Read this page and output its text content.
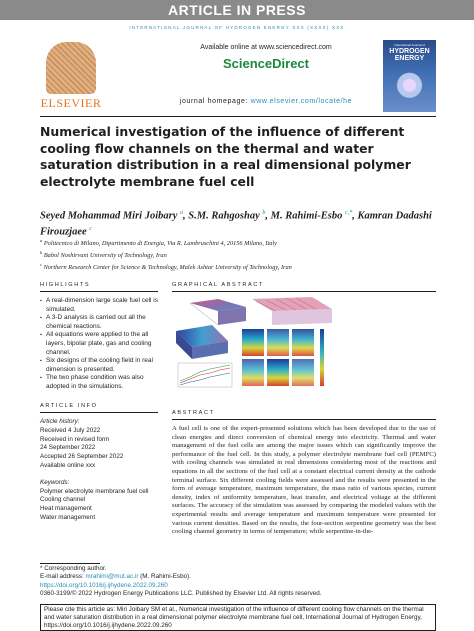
ARTICLE IN PRESS
INTERNATIONAL JOURNAL OF HYDROGEN ENERGY XXX (XXXX) XXX
ELSEVIER
Available online at www.sciencedirect.com
ScienceDirect
journal homepage: www.elsevier.com/locate/he
International Journal of
HYDROGEN ENERGY
Numerical investigation of the influence of different cooling flow channels on the thermal and water saturation distribution in a real dimensional polymer electrolyte membrane fuel cell
Seyed Mohammad Miri Joibary $^a$, S.M. Rahgoshay $^b$, M. Rahimi-Esbo $^{c,*}$, Kamran Dadashi Firouzjaee $^c$
$^a$ Politecnico di Milano, Dipartimento di Energia, Via R. Lambruschini 4, 20156 Milano, Italy
$^b$ Babol Noshirvani University of Technology, Iran
$^c$ Northern Research Center for Science & Technology, Malek Ashtar University of Technology, Iran
HIGHLIGHTS
▪ A real-dimension large scale fuel cell is simulated.
▪ A 3-D analysis is carried out all the chemical reactions.
▪ All equations were applied to the all layers, bipolar plate, gas and cooling channel.
▪ Six designs of the cooling field in real dimension is presented.
▪ The two phase condition was also adopted in the simulations.
GRAPHICAL ABSTRACT
ARTICLE INFO
Article history:
Received 4 July 2022
Received in revised form
24 September 2022
Accepted 26 September 2022
Available online xxx
Keywords:
Polymer electrolyte membrane fuel cell
Cooling channel
Heat management
Water management
ABSTRACT
A fuel cell is one of the expert-presented solutions which has been developed due to the use of clean energies and direct conversion of chemical energy into electricity. Thermal and water management of the fuel cells are among the major issues which can significantly improve the performance of the fuel cell. In this study, a polymer electrolyte membrane fuel cell (PEMFC) with cooling channels was simulated in real dimensions considering most of the reactions and equations in all the sections of the fuel cell at a constant electrical current density at the cathode terminal surface. Six different cooling fields were assessed and the results were presented in the form of average temperature, maximum temperature, the mass ratio of various species, current density, index of uniformity temperature, heat transfer, and electrical voltage at the different surfaces. The accuracy of the simulation was assessed by comparing the modeled values with the experimental results and average temperature and maximum temperature were presented for various current densities. Based on the results, the four-section serpentine geometry was the best cooling channel geometry in terms of temperature; while serpentine-in-the-
* Corresponding author.
E-mail address: mrahimi@mut.ac.ir (M. Rahimi-Esbo).
https://doi.org/10.1016/j.ijhydene.2022.09.260
0360-3199/© 2022 Hydrogen Energy Publications LLC. Published by Elsevier Ltd. All rights reserved.
Please cite this article as: Miri Joibary SM et al., Numerical investigation of the influence of different cooling flow channels on the thermal and water saturation distribution in a real dimensional polymer electrolyte membrane fuel cell, International Journal of Hydrogen Energy, https://doi.org/10.1016/j.ijhydene.2022.09.260
